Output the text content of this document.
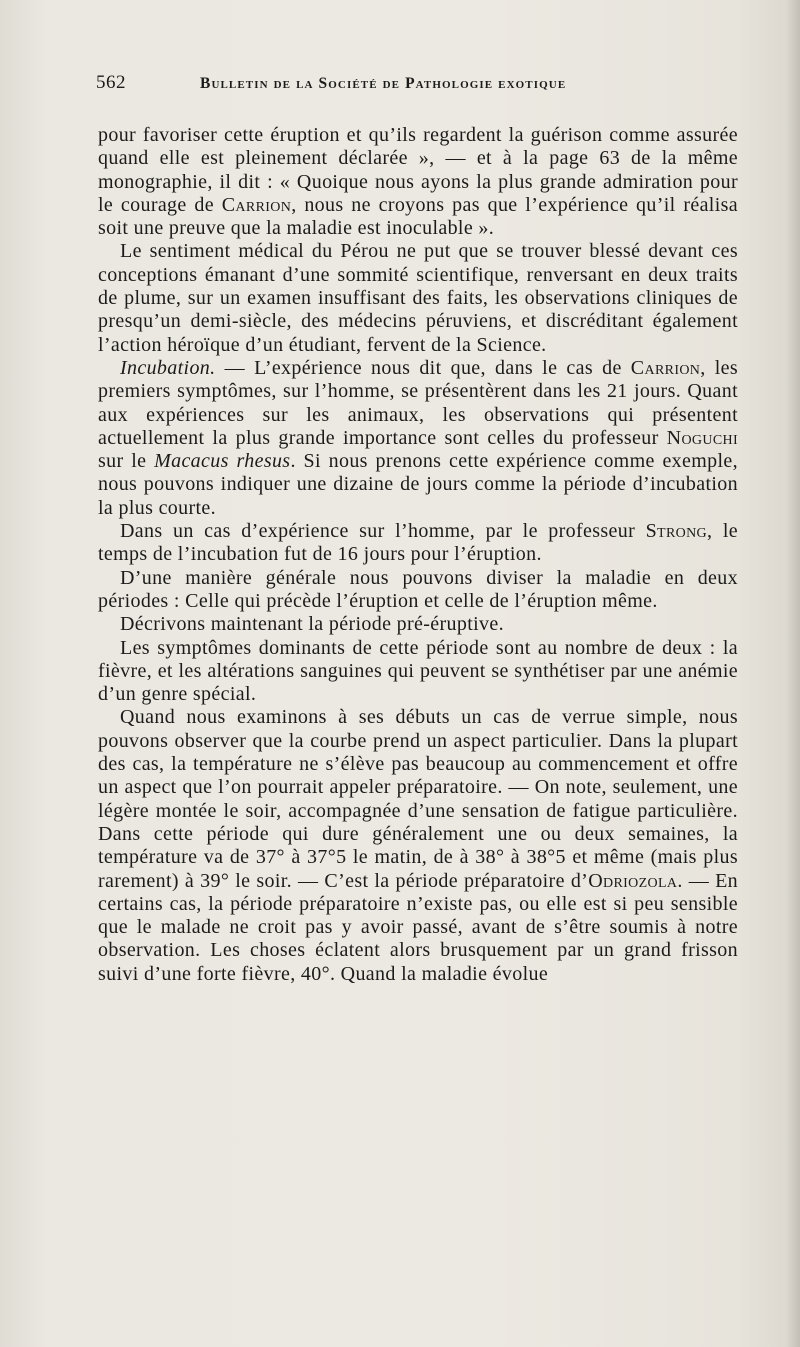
562	Bulletin de la Société de Pathologie exotique

pour favoriser cette éruption et qu’ils regardent la guérison comme assurée quand elle est pleinement déclarée », — et à la page 63 de la même monographie, il dit : « Quoique nous ayons la plus grande admiration pour le courage de Carrion, nous ne croyons pas que l’expérience qu’il réalisa soit une preuve que la maladie est inoculable ».

Le sentiment médical du Pérou ne put que se trouver blessé devant ces conceptions émanant d’une sommité scientifique, renversant en deux traits de plume, sur un examen insuffisant des faits, les observations cliniques de presqu’un demi-siècle, des médecins péruviens, et discréditant également l’action héroïque d’un étudiant, fervent de la Science.

Incubation. — L’expérience nous dit que, dans le cas de Carrion, les premiers symptômes, sur l’homme, se présentèrent dans les 21 jours. Quant aux expériences sur les animaux, les observations qui présentent actuellement la plus grande importance sont celles du professeur Noguchi sur le Macacus rhesus. Si nous prenons cette expérience comme exemple, nous pouvons indiquer une dizaine de jours comme la période d’incubation la plus courte.

Dans un cas d’expérience sur l’homme, par le professeur Strong, le temps de l’incubation fut de 16 jours pour l’éruption.

D’une manière générale nous pouvons diviser la maladie en deux périodes : Celle qui précède l’éruption et celle de l’éruption même.

Décrivons maintenant la période pré-éruptive.

Les symptômes dominants de cette période sont au nombre de deux : la fièvre, et les altérations sanguines qui peuvent se synthétiser par une anémie d’un genre spécial.

Quand nous examinons à ses débuts un cas de verrue simple, nous pouvons observer que la courbe prend un aspect particulier. Dans la plupart des cas, la température ne s’élève pas beaucoup au commencement et offre un aspect que l’on pourrait appeler préparatoire. — On note, seulement, une légère montée le soir, accompagnée d’une sensation de fatigue particulière. Dans cette période qui dure généralement une ou deux semaines, la température va de 37° à 37°5 le matin, de à 38° à 38°5 et même (mais plus rarement) à 39° le soir. — C’est la période préparatoire d’Odriozola. — En certains cas, la période préparatoire n’existe pas, ou elle est si peu sensible que le malade ne croit pas y avoir passé, avant de s’être soumis à notre observation. Les choses éclatent alors brusquement par un grand frisson suivi d’une forte fièvre, 40°. Quand la maladie évolue
